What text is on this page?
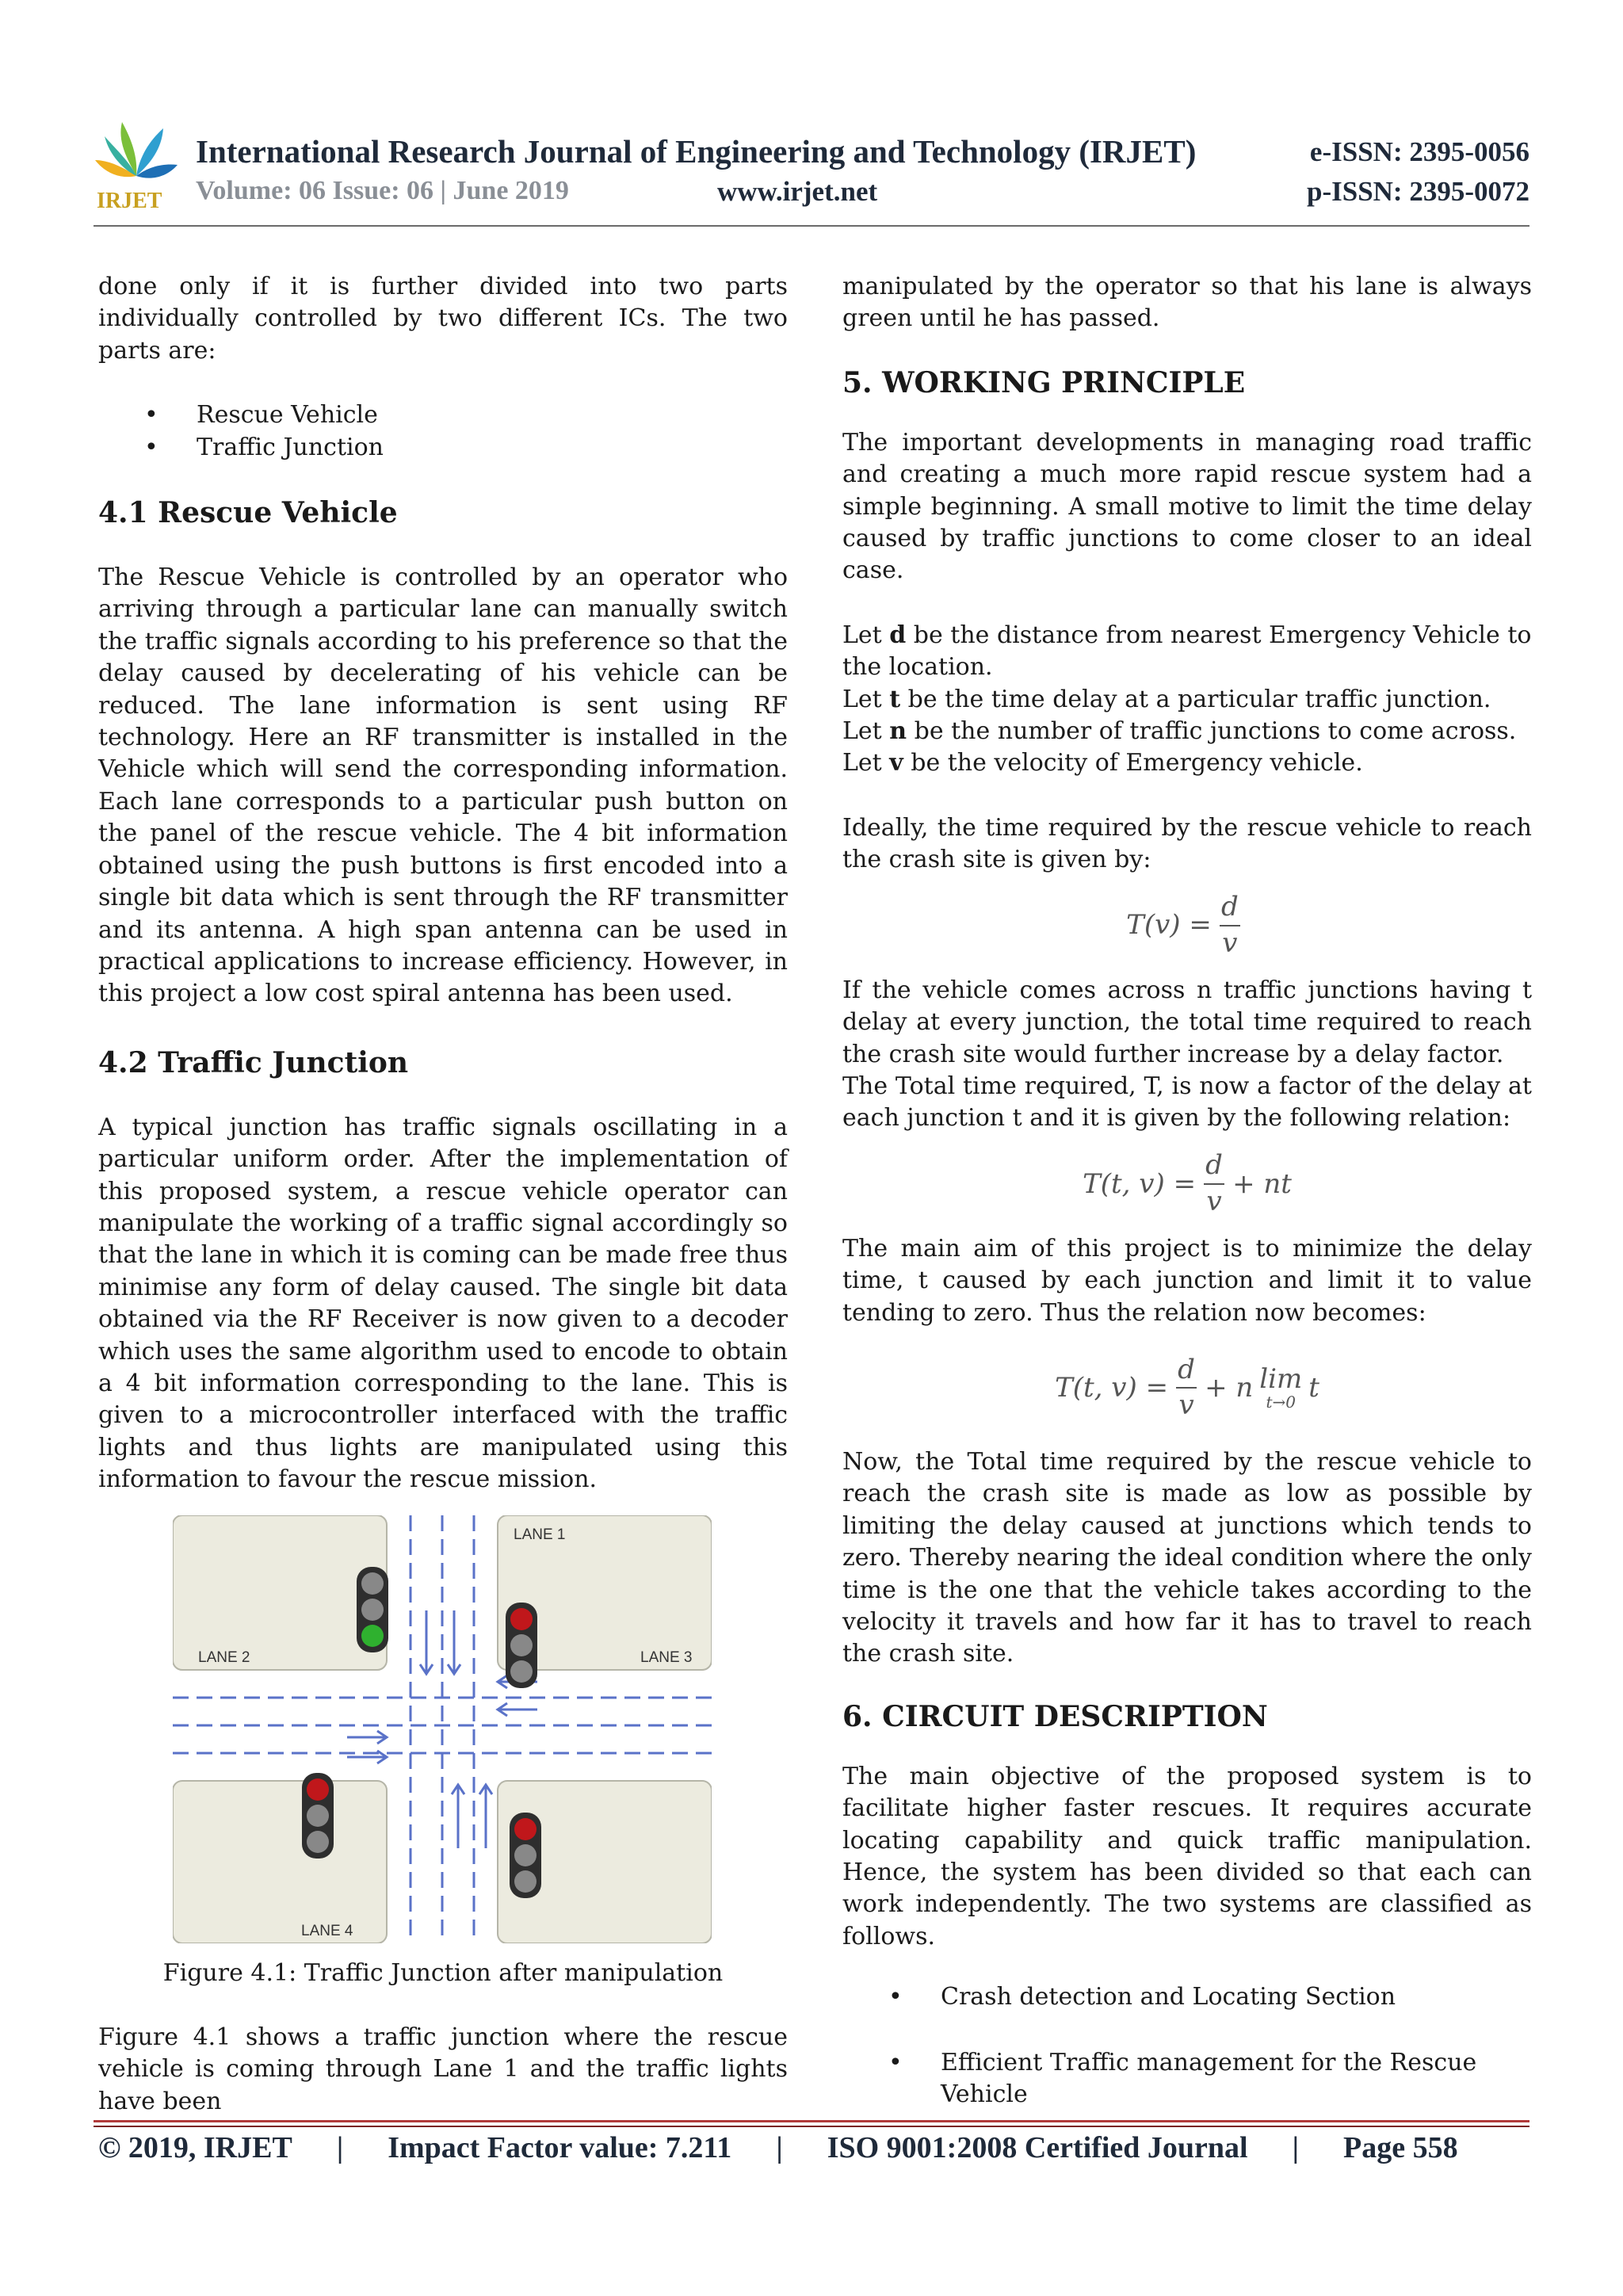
IRJET
International Research Journal of Engineering and Technology (IRJET)	e-ISSN: 2395-0056
Volume: 06 Issue: 06 | June 2019	www.irjet.net	p-ISSN: 2395-0072

done only if it is further divided into two parts individually controlled by two different ICs. The two parts are:

• Rescue Vehicle
• Traffic Junction
4.1 Rescue Vehicle

The Rescue Vehicle is controlled by an operator who arriving through a particular lane can manually switch the traffic signals according to his preference so that the delay caused by decelerating of his vehicle can be reduced. The lane information is sent using RF technology. Here an RF transmitter is installed in the Vehicle which will send the corresponding information. Each lane corresponds to a particular push button on the panel of the rescue vehicle. The 4 bit information obtained using the push buttons is first encoded into a single bit data which is sent through the RF transmitter and its antenna. A high span antenna can be used in practical applications to increase efficiency. However, in this project a low cost spiral antenna has been used.

4.2 Traffic Junction

A typical junction has traffic signals oscillating in a particular uniform order. After the implementation of this proposed system, a rescue vehicle operator can manipulate the working of a traffic signal accordingly so that the lane in which it is coming can be made free thus minimise any form of delay caused. The single bit data obtained via the RF Receiver is now given to a decoder which uses the same algorithm used to encode to obtain a 4 bit information corresponding to the lane. This is given to a microcontroller interfaced with the traffic lights and thus lights are manipulated using this information to favour the rescue mission.

LANE 1
LANE 2	LANE 3
LANE 4
Figure 4.1: Traffic Junction after manipulation

Figure 4.1 shows a traffic junction where the rescue vehicle is coming through Lane 1 and the traffic lights have been

manipulated by the operator so that his lane is always green until he has passed.

5. WORKING PRINCIPLE

The important developments in managing road traffic and creating a much more rapid rescue system had a simple beginning. A small motive to limit the time delay caused by traffic junctions to come closer to an ideal case.

Let d be the distance from nearest Emergency Vehicle to the location.

Let t be the time delay at a particular traffic junction.

Let n be the number of traffic junctions to come across.

Let v be the velocity of Emergency vehicle.

Ideally, the time required by the rescue vehicle to reach the crash site is given by:

$T(v) = \frac{d}{v}$

If the vehicle comes across n traffic junctions having t delay at every junction, the total time required to reach the crash site would further increase by a delay factor.

The Total time required, T, is now a factor of the delay at each junction t and it is given by the following relation:

T(t, $v) = \frac{d}{v}$ + nt

The main aim of this project is to minimize the delay time, t caused by each junction and limit it to value tending to zero. Thus the relation now becomes:

T(t, $v) = \frac{d}{v} + n$ lim
t→0 t

Now, the Total time required by the rescue vehicle to reach the crash site is made as low as possible by limiting the delay caused at junctions which tends to zero. Thereby nearing the ideal condition where the only time is the one that the vehicle takes according to the velocity it travels and how far it has to travel to reach the crash site.

6. CIRCUIT DESCRIPTION

The main objective of the proposed system is to facilitate higher faster rescues. It requires accurate locating capability and quick traffic manipulation. Hence, the system has been divided so that each can work independently. The two systems are classified as follows.

• Crash detection and Locating Section
• Efficient Traffic management for the Rescue Vehicle
© 2019, IRJET | Impact Factor value: 7.211 | ISO 9001:2008 Certified Journal | Page 558
